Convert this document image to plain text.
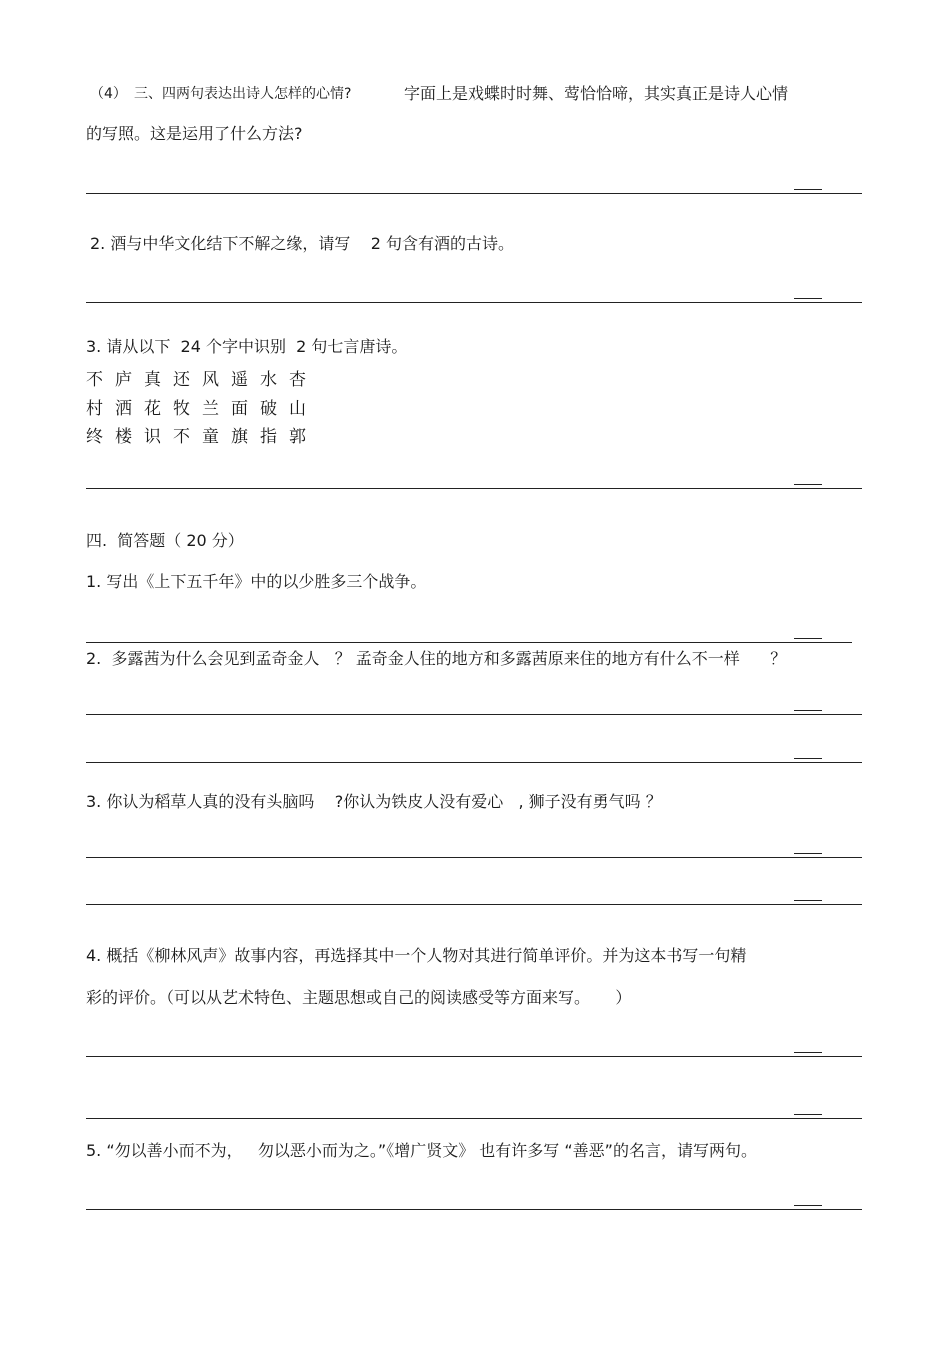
（4） 三、四两句表达出诗人怎样的心情?	字面上是戏蝶时时舞、莺恰恰啼，其实真正是诗人心情
的写照。这是运用了什么方法?
2. 酒与中华文化结下不解之缘，请写    2 句含有酒的古诗。
3. 请从以下  24 个字中识别  2 句七言唐诗。
不 庐 真 还 风 遥 水 杏
村 洒 花 牧 兰 面 破 山
终 楼 识 不 童 旗 指 郭
四.  简答题（ 20 分）
1. 写出《上下五千年》中的以少胜多三个战争。
2.  多露茜为什么会见到孟奇金人   ？ 孟奇金人住的地方和多露茜原来住的地方有什么不一样      ？
3. 你认为稻草人真的没有头脑吗    ?你认为铁皮人没有爱心   , 狮子没有勇气吗 ？
4. 概括《柳林风声》故事内容，再选择其中一个人物对其进行简单评价。并为这本书写一句精
彩的评价。（可以从艺术特色、主题思想或自己的阅读感受等方面来写。     ）
5. “勿以善小而不为，   勿以恶小而为之。”《增广贤文》 也有许多写 “善恶”的名言，请写两句。
